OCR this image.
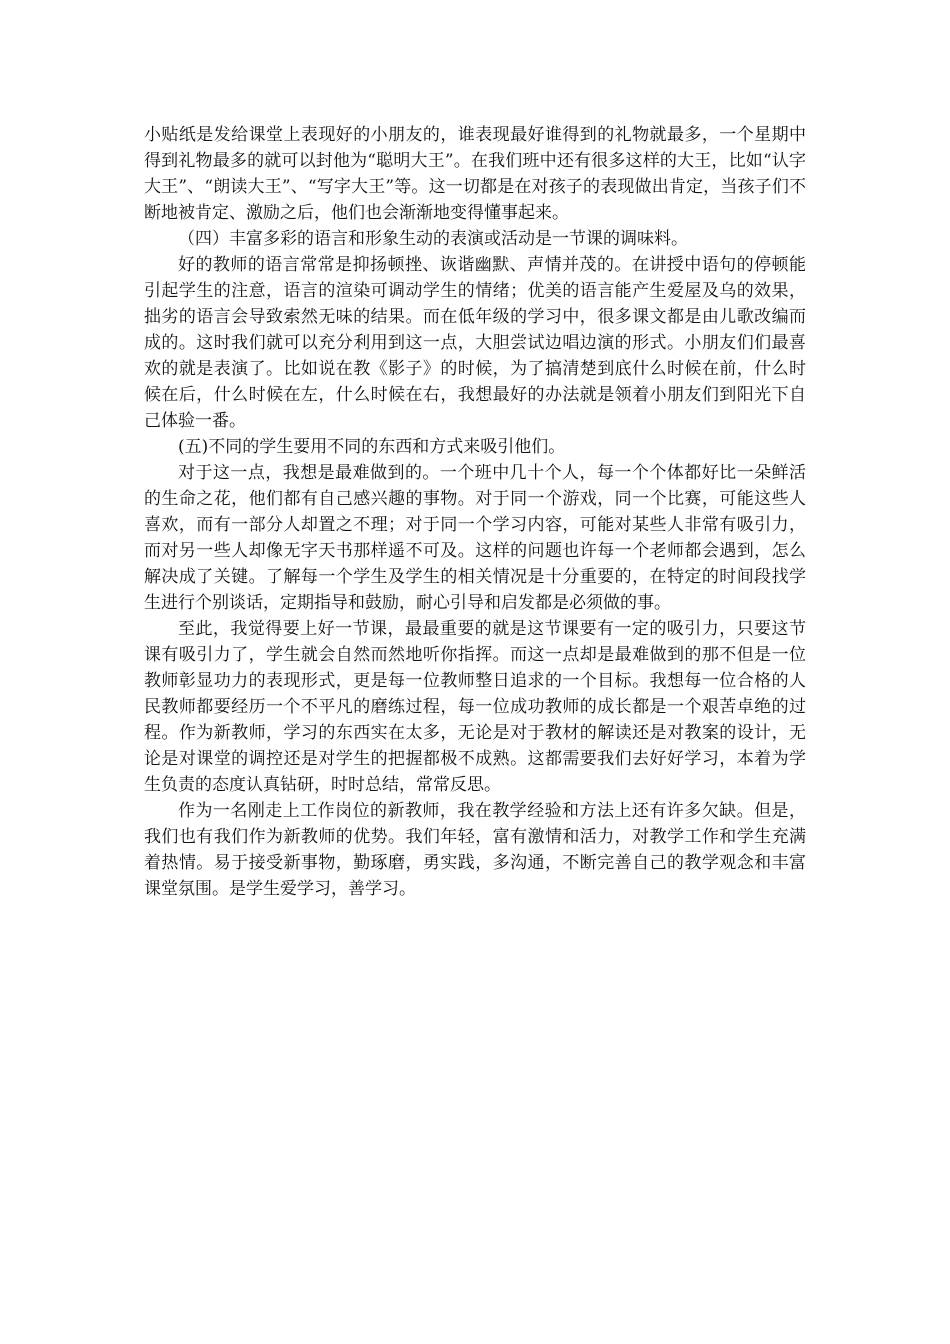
小贴纸是发给课堂上表现好的小朋友的，谁表现最好谁得到的礼物就最多，一个星期中得到礼物最多的就可以封他为“聪明大王”。在我们班中还有很多这样的大王，比如“认字大王”、“朗读大王”、“写字大王”等。这一切都是在对孩子的表现做出肯定，当孩子们不断地被肯定、激励之后，他们也会渐渐地变得懂事起来。

（四）丰富多彩的语言和形象生动的表演或活动是一节课的调味料。

好的教师的语言常常是抑扬顿挫、诙谐幽默、声情并茂的。在讲授中语句的停顿能引起学生的注意，语言的渲染可调动学生的情绪；优美的语言能产生爱屋及乌的效果，拙劣的语言会导致索然无味的结果。而在低年级的学习中，很多课文都是由儿歌改编而成的。这时我们就可以充分利用到这一点，大胆尝试边唱边演的形式。小朋友们们最喜欢的就是表演了。比如说在教《影子》的时候，为了搞清楚到底什么时候在前，什么时候在后，什么时候在左，什么时候在右，我想最好的办法就是领着小朋友们到阳光下自己体验一番。

(五)不同的学生要用不同的东西和方式来吸引他们。

对于这一点，我想是最难做到的。一个班中几十个人，每一个个体都好比一朵鲜活的生命之花，他们都有自己感兴趣的事物。对于同一个游戏，同一个比赛，可能这些人喜欢，而有一部分人却置之不理；对于同一个学习内容，可能对某些人非常有吸引力，而对另一些人却像无字天书那样遥不可及。这样的问题也许每一个老师都会遇到，怎么解决成了关键。了解每一个学生及学生的相关情况是十分重要的，在特定的时间段找学生进行个别谈话，定期指导和鼓励，耐心引导和启发都是必须做的事。

至此，我觉得要上好一节课，最最重要的就是这节课要有一定的吸引力，只要这节课有吸引力了，学生就会自然而然地听你指挥。而这一点却是最难做到的那不但是一位教师彰显功力的表现形式，更是每一位教师整日追求的一个目标。我想每一位合格的人民教师都要经历一个不平凡的磨练过程，每一位成功教师的成长都是一个艰苦卓绝的过程。作为新教师，学习的东西实在太多，无论是对于教材的解读还是对教案的设计，无论是对课堂的调控还是对学生的把握都极不成熟。这都需要我们去好好学习，本着为学生负责的态度认真钻研，时时总结，常常反思。

作为一名刚走上工作岗位的新教师，我在教学经验和方法上还有许多欠缺。但是，我们也有我们作为新教师的优势。我们年轻，富有激情和活力，对教学工作和学生充满着热情。易于接受新事物，勤琢磨，勇实践，多沟通，不断完善自己的教学观念和丰富课堂氛围。是学生爱学习，善学习。
